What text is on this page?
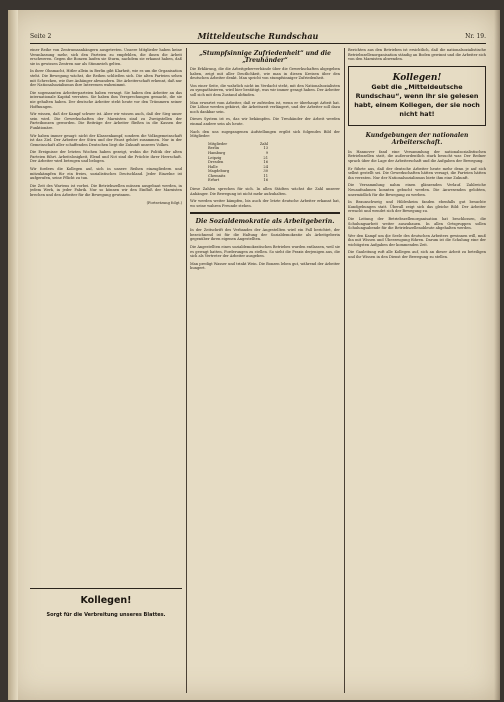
Seite 2	Mitteldeutsche Rundschau	Nr. 19.

einer Reihe von Zentrumsanhängern ausgetreten. Unsere Mitglieder haben keine Veranlassung mehr, sich den Parteien zu empfehlen, die ihnen die Arbeit erschweren. Gegen die Bonzen laufen sie Sturm, nachdem sie erkannt haben, daß sie in gewissen Zentren nur als Stimmvieh gelten.

In ihrer Ohnmacht, Hitler allein in Berlin gibt Klarheit, wie es um die Organisation steht. Die Bewegung wächst, die Reihen schließen sich. Die alten Parteien sehen mit Schrecken, wie ihre Anhänger abwandern. Die Arbeiterschaft erkennt, daß nur der Nationalsozialismus ihre Interessen wahrnimmt.

Die sogenannten Arbeiterparteien haben versagt. Sie haben den Arbeiter an das internationale Kapital verraten. Sie haben ihm Versprechungen gemacht, die sie nie gehalten haben. Der deutsche Arbeiter steht heute vor den Trümmern seiner Hoffnungen.

Wir wissen, daß der Kampf schwer ist. Aber wir wissen auch, daß der Sieg unser sein wird. Die Gewerkschaften der Marxisten sind zu Zweigstellen der Parteibonzen geworden. Die Beiträge der Arbeiter fließen in die Kassen der Funktionäre.

Wir haben immer gesagt: nicht der Klassenkampf, sondern die Volksgemeinschaft ist das Ziel. Der Arbeiter der Stirn und der Faust gehört zusammen. Nur in der Gemeinschaft aller schaffenden Deutschen liegt die Zukunft unseres Volkes.

Die Ereignisse der letzten Wochen haben gezeigt, wohin die Politik der alten Parteien führt. Arbeitslosigkeit, Elend und Not sind die Früchte ihrer Herrschaft. Der Arbeiter wird betrogen und belogen.

Wir fordern die Kollegen auf, sich in unsere Reihen einzugliedern und mitzukämpfen für ein freies, sozialistisches Deutschland. Jeder Einzelne ist aufgerufen, seine Pflicht zu tun.

Die Zeit des Wartens ist vorbei. Die Betriebszellen müssen ausgebaut werden, in jedem Werk, in jeder Fabrik. Nur so können wir den Einfluß der Marxisten brechen und den Arbeiter für die Bewegung gewinnen.

(Fortsetzung folgt.)

Kollegen!
Sorgt für die Verbreitung unseres Blattes.
„Stumpfsinnige Zufriedenheit“ und die „Treuhänder“

Die Erklärung, die die Arbeitgeberverbände über die Gewerkschaften abgegeben haben, zeigt mit aller Deutlichkeit, wie man in diesen Kreisen über den deutschen Arbeiter denkt. Man spricht von stumpfsinniger Zufriedenheit.

Von einer Seite, die wahrlich nicht im Verdacht steht, mit den Nationalsozialisten zu sympathisieren, wird hier bestätigt, was wir immer gesagt haben. Der Arbeiter soll sich mit dem Zustand abfinden.

Man erwartet vom Arbeiter, daß er zufrieden ist, wenn er überhaupt Arbeit hat. Die Löhne werden gekürzt, die Arbeitszeit verlängert, und der Arbeiter soll dazu noch dankbar sein.

Dieses System ist es, das wir bekämpfen. Die Treuhänder der Arbeit werden einmal andere sein als heute.

Nach den uns zugegangenen Aufstellungen ergibt sich folgendes Bild der Mitglieder:

Mitglieder	Zahl
Berlin	13
Hamburg	9
Leipzig	21
Dresden	16
Halle	24
Magdeburg	30
Chemnitz	11
Erfurt	16

Diese Zahlen sprechen für sich. In allen Städten wächst die Zahl unserer Anhänger. Die Bewegung ist nicht mehr aufzuhalten.

Wir werden weiter kämpfen, bis auch der letzte deutsche Arbeiter erkannt hat, wo seine wahren Freunde stehen.

Die Sozialdemokratie als Arbeitgeberin.

In der Zeitschrift des Verbandes der Angestellten wird ein Fall berichtet, der bezeichnend ist für die Haltung der Sozialdemokratie als Arbeitgeberin gegenüber ihren eigenen Angestellten.

Die Angestellten eines sozialdemokratischen Betriebes wurden entlassen, weil sie es gewagt hatten, Forderungen zu stellen. So sieht die Praxis derjenigen aus, die sich als Vertreter der Arbeiter ausgeben.

Man predigt Wasser und trinkt Wein. Die Bonzen leben gut, während der Arbeiter hungert.

Berichten aus den Betrieben ist ersichtlich, daß die nationalsozialistische Betriebszellenorganisation ständig an Boden gewinnt und die Arbeiter sich von den Marxisten abwenden.

Kollegen!
Gebt die „Mitteldeutsche Rundschau“, wenn ihr sie gelesen habt, einem Kollegen, der sie noch nicht hat!
Kundgebungen der nationalen Arbeiterschaft.

In Hannover fand eine Versammlung der nationalsozialistischen Betriebszellen statt, die außerordentlich stark besucht war. Der Redner sprach über die Lage der Arbeiterschaft und die Aufgaben der Bewegung.

Er führte aus, daß der deutsche Arbeiter heute mehr denn je auf sich selbst gestellt sei. Die Gewerkschaften hätten versagt, die Parteien hätten ihn verraten. Nur der Nationalsozialismus biete ihm eine Zukunft.

Die Versammlung nahm einen glänzenden Verlauf. Zahlreiche Neuaufnahmen konnten gebucht werden. Die Anwesenden gelobten, unermüdlich für die Bewegung zu werben.

In Braunschweig und Hildesheim fanden ebenfalls gut besuchte Kundgebungen statt. Überall zeigt sich das gleiche Bild: Der Arbeiter erwacht und wendet sich der Bewegung zu.

Die Leitung der Betriebszellenorganisation hat beschlossen, die Schulungsarbeit weiter auszubauen. In allen Ortsgruppen sollen Schulungsabende für die Betriebszellenobleute abgehalten werden.

Wer den Kampf um die Seele des deutschen Arbeiters gewinnen will, muß ihn mit Wissen und Überzeugung führen. Darum ist die Schulung eine der wichtigsten Aufgaben der kommenden Zeit.

Die Gauleitung ruft alle Kollegen auf, sich an dieser Arbeit zu beteiligen und ihr Wissen in den Dienst der Bewegung zu stellen.
